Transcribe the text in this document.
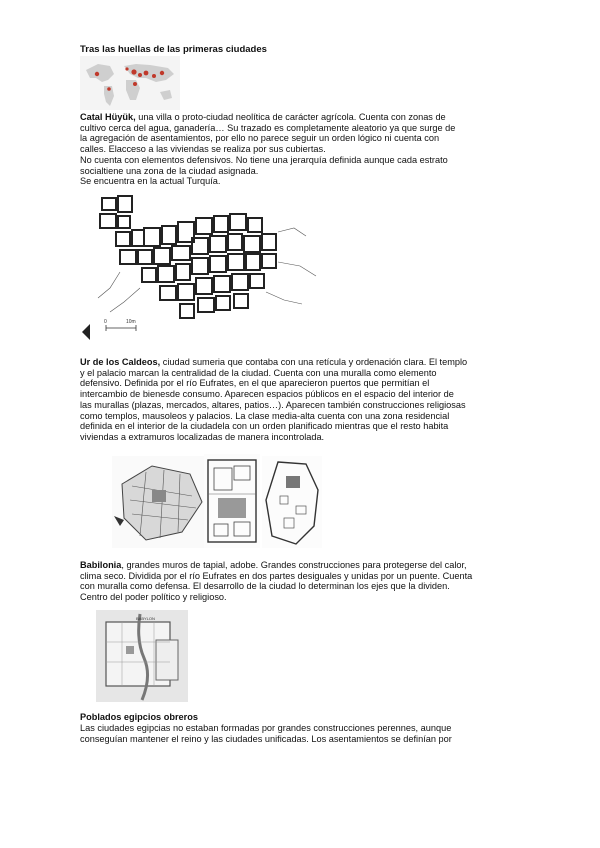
Tras las huellas de las primeras ciudades
Catal Hüyük, una villa o proto-ciudad neolítica de carácter agrícola. Cuenta con zonas de
cultivo cerca del agua, ganadería… Su trazado es completamente aleatorio ya que surge de
la agregación de asentamientos, por ello no parece seguir un orden lógico ni cuenta con
calles. Elacceso a las viviendas se realiza por sus cubiertas.
No cuenta con elementos defensivos. No tiene una jerarquía definida aunque cada estrato
socialtiene una zona de la ciudad asignada.
Se encuentra en la actual Turquía.
0	10m
Ur de los Caldeos, ciudad sumeria que contaba con una retícula y ordenación clara. El templo
y el palacio marcan la centralidad de la ciudad. Cuenta con una muralla como elemento
defensivo. Definida por el río Eufrates, en el que aparecieron puertos que permitían el
intercambio de bienesde consumo. Aparecen espacios públicos en el espacio del interior de
las murallas (plazas, mercados, altares, patios…). Aparecen también construcciones religiosas
como templos, mausoleos y palacios. La clase media-alta cuenta con una zona residencial
definida en el interior de la ciudadela con un orden planificado mientras que el resto habita
viviendas a extramuros localizadas de manera incontrolada.
Babilonia, grandes muros de tapial, adobe. Grandes construcciones para protegerse del calor,
clima seco. Dividida por el río Eufrates en dos partes desiguales y unidas por un puente. Cuenta
con muralla como defensa. El desarrollo de la ciudad lo determinan los ejes que la dividen.
Centro del poder político y religioso.
BABYLON
Poblados egipcios obreros
Las ciudades egipcias no estaban formadas por grandes construcciones perennes, aunque
conseguían mantener el reino y las ciudades unificadas. Los asentamientos se definían por
